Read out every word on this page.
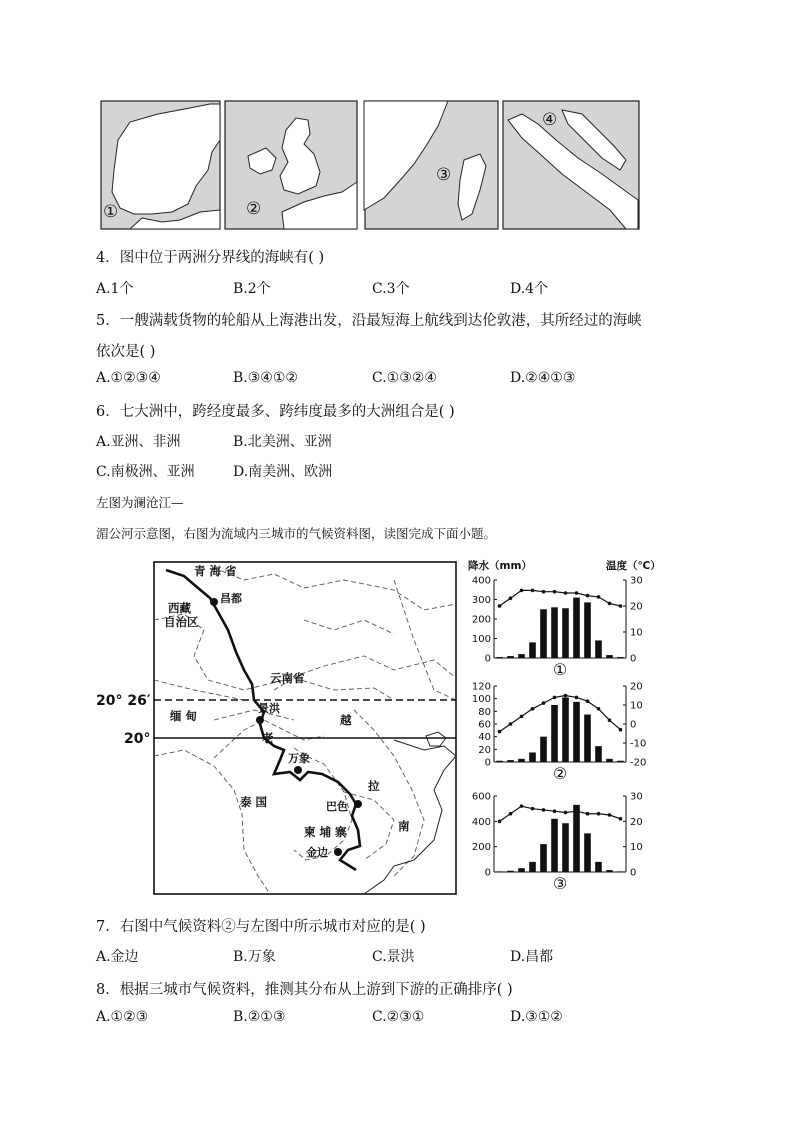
①	②
③
④
4．图中位于两洲分界线的海峡有( )
A.1个	B.2个	C.3个	D.4个
5．一艘满载货物的轮船从上海港出发，沿最短海上航线到达伦敦港，其所经过的海峡
依次是( )
A.①②③④	B.③④①②	C.①③②④	D.②④①③
6．七大洲中，跨经度最多、跨纬度最多的大洲组合是( )
A.亚洲、非洲	B.北美洲、亚洲
C.南极洲、亚洲	D.南美洲、欧洲
左图为澜沧江—
湄公河示意图，右图为流域内三城市的气候资料图，读图完成下面小题。
20° 26′
20°
青 海 省
西藏
自治区
云南省
缅 甸	越
老
泰 国
拉
南
柬 埔 寨
昌都
景洪
万象
巴色
金边
降水（mm）	温度（℃）
0
100
200
300
400
0
10
20
30
①
0
20
40
60
80
100
120
-20
-10
0
10
20
②
0
200
400
600
0
10
20
30
③
7．右图中气候资料②与左图中所示城市对应的是( )
A.金边	B.万象	C.景洪	D.昌都
8．根据三城市气候资料，推测其分布从上游到下游的正确排序( )
A.①②③	B.②①③	C.②③①	D.③①②
